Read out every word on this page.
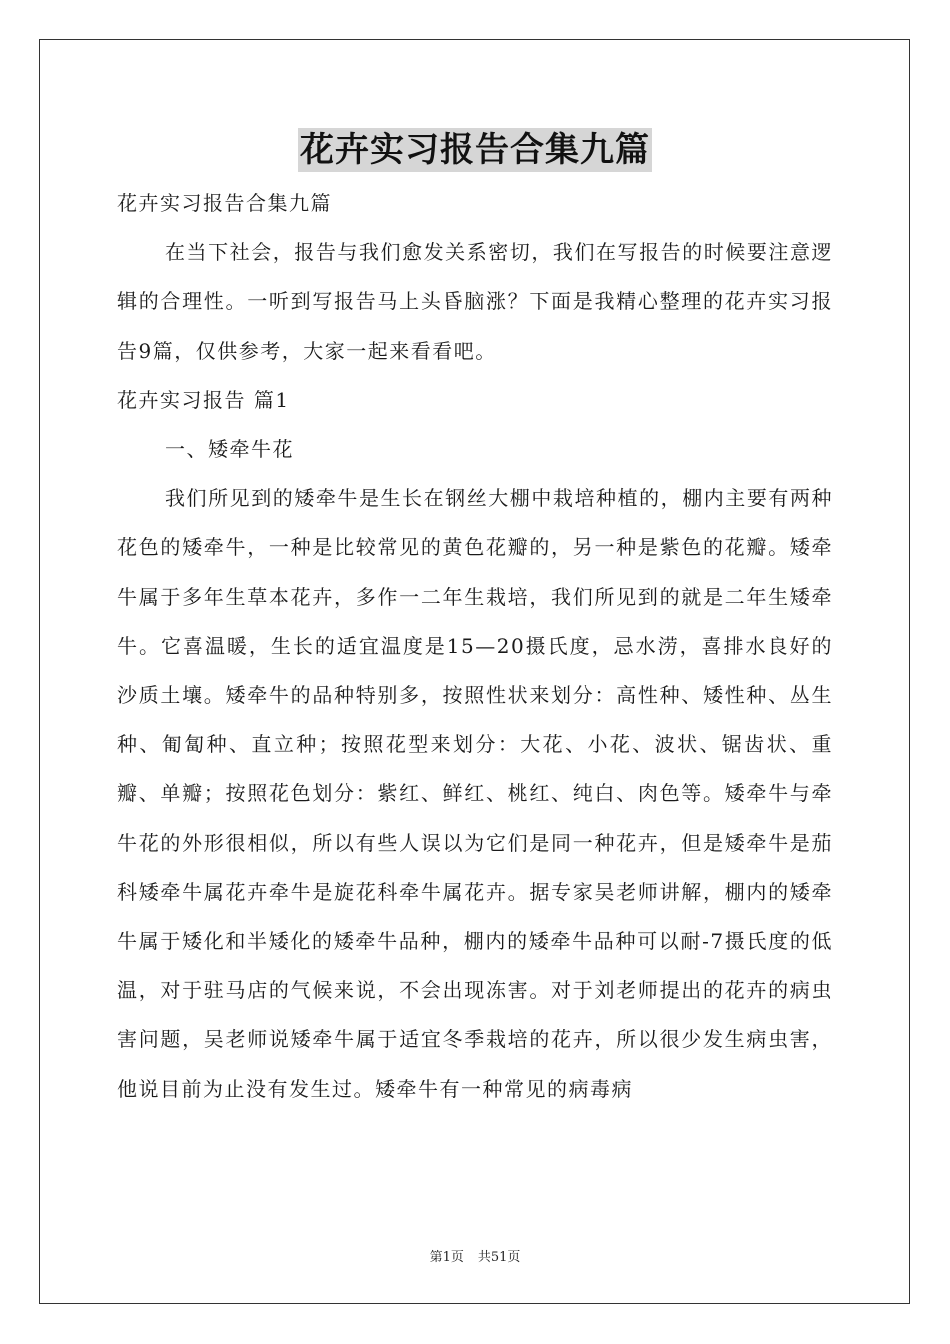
花卉实习报告合集九篇

花卉实习报告合集九篇

在当下社会，报告与我们愈发关系密切，我们在写报告的时候要注意逻辑的合理性。一听到写报告马上头昏脑涨？下面是我精心整理的花卉实习报告9篇，仅供参考，大家一起来看看吧。

花卉实习报告 篇1

一、矮牵牛花

我们所见到的矮牵牛是生长在钢丝大棚中栽培种植的，棚内主要有两种花色的矮牵牛，一种是比较常见的黄色花瓣的，另一种是紫色的花瓣。矮牵牛属于多年生草本花卉，多作一二年生栽培，我们所见到的就是二年生矮牵牛。它喜温暖，生长的适宜温度是15—20摄氏度，忌水涝，喜排水良好的沙质土壤。矮牵牛的品种特别多，按照性状来划分：高性种、矮性种、丛生种、匍匐种、直立种；按照花型来划分：大花、小花、波状、锯齿状、重瓣、单瓣；按照花色划分：紫红、鲜红、桃红、纯白、肉色等。矮牵牛与牵牛花的外形很相似，所以有些人误以为它们是同一种花卉，但是矮牵牛是茄科矮牵牛属花卉牵牛是旋花科牵牛属花卉。据专家吴老师讲解，棚内的矮牵牛属于矮化和半矮化的矮牵牛品种，棚内的矮牵牛品种可以耐-7摄氏度的低温，对于驻马店的气候来说，不会出现冻害。对于刘老师提出的花卉的病虫害问题，吴老师说矮牵牛属于适宜冬季栽培的花卉，所以很少发生病虫害，他说目前为止没有发生过。矮牵牛有一种常见的病毒病

第1页 共51页
